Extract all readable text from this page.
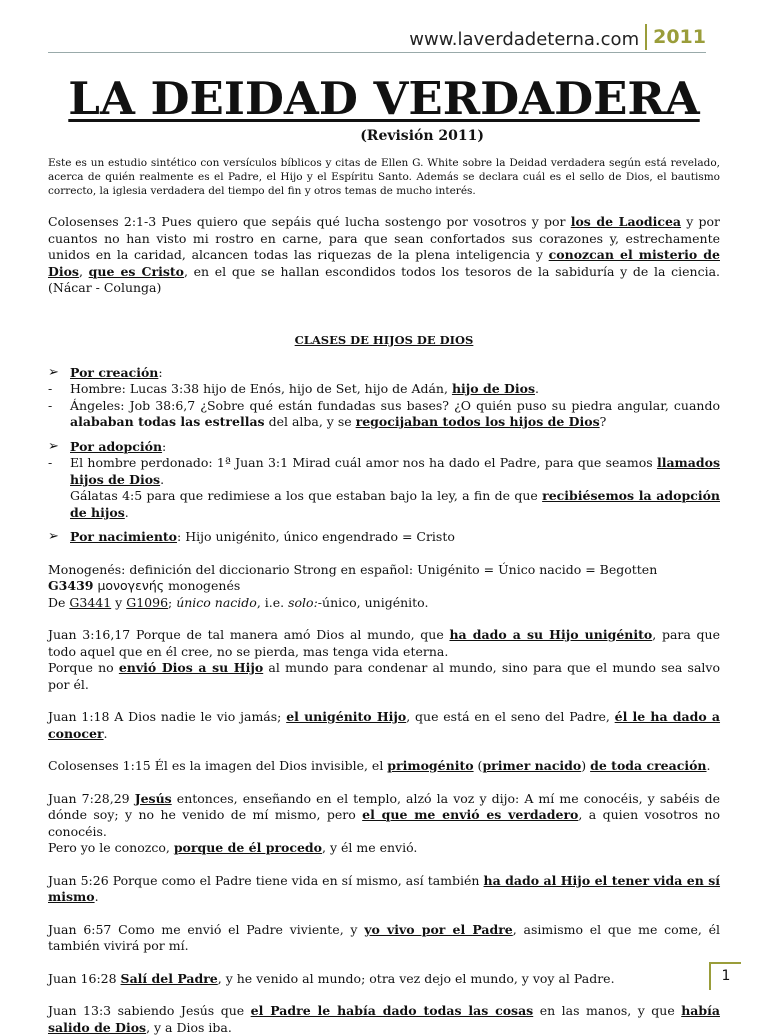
www.laverdadeterna.com 2011
LA DEIDAD VERDADERA
(Revisión 2011)
Este es un estudio sintético con versículos bíblicos y citas de Ellen G. White sobre la Deidad verdadera según está revelado, acerca de quién realmente es el Padre, el Hijo y el Espíritu Santo. Además se declara cuál es el sello de Dios, el bautismo correcto, la iglesia verdadera del tiempo del fin y otros temas de mucho interés.

Colosenses 2:1-3 Pues quiero que sepáis qué lucha sostengo por vosotros y por los de Laodicea y por cuantos no han visto mi rostro en carne, para que sean confortados sus corazones y, estrechamente unidos en la caridad, alcancen todas las riquezas de la plena inteligencia y conozcan el misterio de Dios, que es Cristo, en el que se hallan escondidos todos los tesoros de la sabiduría y de la ciencia. (Nácar - Colunga)

CLASES DE HIJOS DE DIOS
➢ Por creación:
-	Hombre: Lucas 3:38 hijo de Enós, hijo de Set, hijo de Adán, hijo de Dios.
-	Ángeles: Job 38:6,7 ¿Sobre qué están fundadas sus bases? ¿O quién puso su piedra angular, cuando alababan todas las estrellas del alba, y se regocijaban todos los hijos de Dios?
➢ Por adopción:
-	El hombre perdonado: 1ª Juan 3:1 Mirad cuál amor nos ha dado el Padre, para que seamos llamados hijos de Dios.
Gálatas 4:5 para que redimiese a los que estaban bajo la ley, a fin de que recibiésemos la adopción de hijos.
➢ Por nacimiento: Hijo unigénito, único engendrado = Cristo

Monogenés: definición del diccionario Strong en español: Unigénito = Único nacido = Begotten
G3439 μονογενής monogenés
De G3441 y G1096; único nacido, i.e. solo:-único, unigénito.

Juan 3:16,17 Porque de tal manera amó Dios al mundo, que ha dado a su Hijo unigénito, para que todo aquel que en él cree, no se pierda, mas tenga vida eterna.
Porque no envió Dios a su Hijo al mundo para condenar al mundo, sino para que el mundo sea salvo por él.

Juan 1:18 A Dios nadie le vio jamás; el unigénito Hijo, que está en el seno del Padre, él le ha dado a conocer.

Colosenses 1:15 Él es la imagen del Dios invisible, el primogénito (primer nacido) de toda creación.

Juan 7:28,29 Jesús entonces, enseñando en el templo, alzó la voz y dijo: A mí me conocéis, y sabéis de dónde soy; y no he venido de mí mismo, pero el que me envió es verdadero, a quien vosotros no conocéis.
Pero yo le conozco, porque de él procedo, y él me envió.

Juan 5:26 Porque como el Padre tiene vida en sí mismo, así también ha dado al Hijo el tener vida en sí mismo.

Juan 6:57 Como me envió el Padre viviente, y yo vivo por el Padre, asimismo el que me come, él también vivirá por mí.

Juan 16:28 Salí del Padre, y he venido al mundo; otra vez dejo el mundo, y voy al Padre.

Juan 13:3 sabiendo Jesús que el Padre le había dado todas las cosas en las manos, y que había salido de Dios, y a Dios iba.

1
